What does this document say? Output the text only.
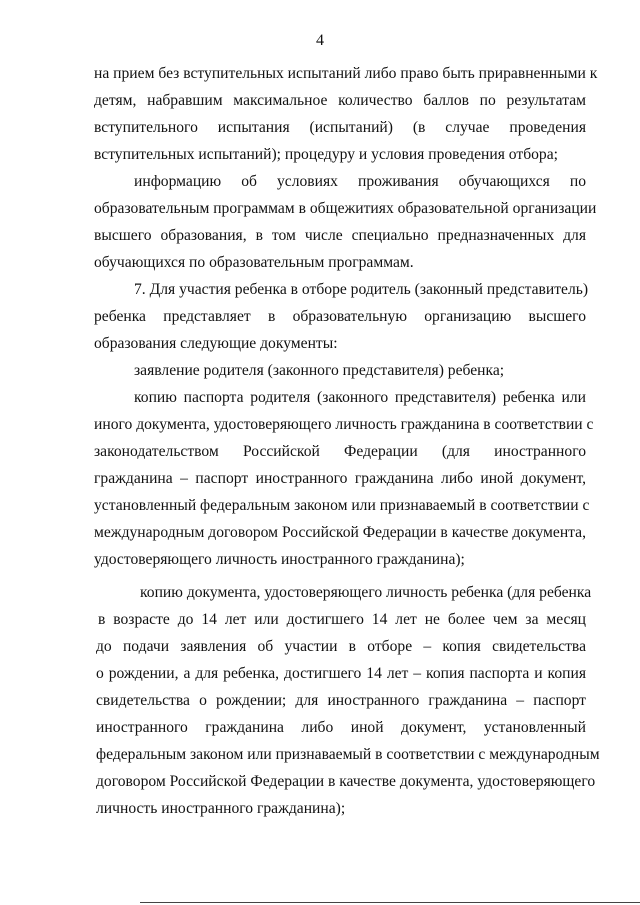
4
на прием без вступительных испытаний либо право быть приравненными к
детям, набравшим максимальное количество баллов по результатам
вступительного испытания (испытаний) (в случае проведения
вступительных испытаний); процедуру и условия проведения отбора;
информацию об условиях проживания обучающихся по
образовательным программам в общежитиях образовательной организации
высшего образования, в том числе специально предназначенных для
обучающихся по образовательным программам.
7. Для участия ребенка в отборе родитель (законный представитель)
ребенка представляет в образовательную организацию высшего
образования следующие документы:
заявление родителя (законного представителя) ребенка;
копию паспорта родителя (законного представителя) ребенка или
иного документа, удостоверяющего личность гражданина в соответствии с
законодательством Российской Федерации (для иностранного
гражданина – паспорт иностранного гражданина либо иной документ,
установленный федеральным законом или признаваемый в соответствии с
международным договором Российской Федерации в качестве документа,
удостоверяющего личность иностранного гражданина);
копию документа, удостоверяющего личность ребенка (для ребенка
в возрасте до 14 лет или достигшего 14 лет не более чем за месяц
до подачи заявления об участии в отборе – копия свидетельства
о рождении, а для ребенка, достигшего 14 лет – копия паспорта и копия
свидетельства о рождении; для иностранного гражданина – паспорт
иностранного гражданина либо иной документ, установленный
федеральным законом или признаваемый в соответствии с международным
договором Российской Федерации в качестве документа, удостоверяющего
личность иностранного гражданина);
